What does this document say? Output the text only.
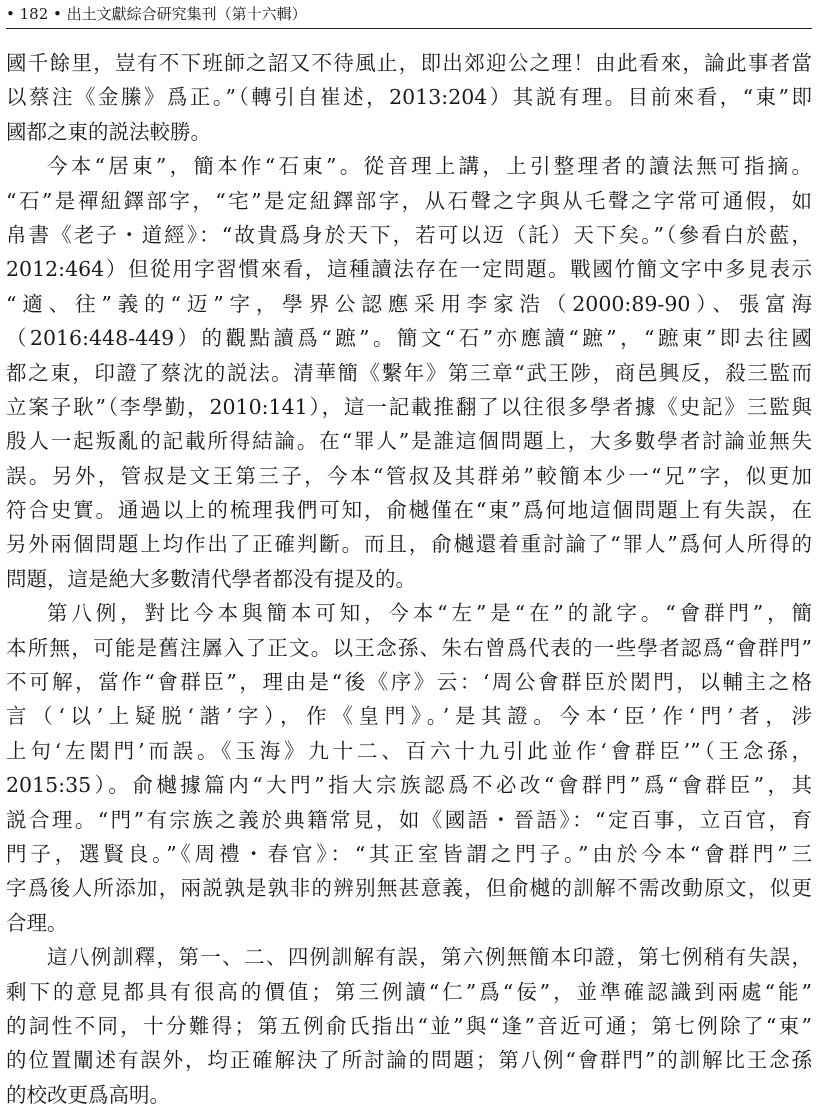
• 182 • 出土文獻綜合研究集刊（第十六輯）
國千餘里，豈有不下班師之詔又不待風止，即出郊迎公之理！由此看來，論此事者當
以蔡注《金縢》爲正。”（轉引自崔述，2013:204）其説有理。目前來看，“東”即
國都之東的説法較勝。
今本“居東”，簡本作“石東”。從音理上講，上引整理者的讀法無可指摘。
“石”是禪紐鐸部字，“宅”是定紐鐸部字，从石聲之字與从乇聲之字常可通假，如
帛書《老子・道經》：“故貴爲身於天下，若可以迈（託）天下矣。”（參看白於藍，
2012:464）但從用字習慣來看，這種讀法存在一定問題。戰國竹簡文字中多見表示
“適、往”義的“迈”字，學界公認應采用李家浩（2000:89-90）、張富海
（2016:448-449）的觀點讀爲“蹠”。簡文“石”亦應讀“蹠”，“蹠東”即去往國
都之東，印證了蔡沈的説法。清華簡《繫年》第三章“武王陟，商邑興反，殺三監而
立案子耿”（李學勤，2010:141），這一記載推翻了以往很多學者據《史記》三監與
殷人一起叛亂的記載所得結論。在“罪人”是誰這個問題上，大多數學者討論並無失
誤。另外，管叔是文王第三子，今本“管叔及其群弟”較簡本少一“兄”字，似更加
符合史實。通過以上的梳理我們可知，俞樾僅在“東”爲何地這個問題上有失誤，在
另外兩個問題上均作出了正確判斷。而且，俞樾還着重討論了“罪人”爲何人所得的
問題，這是絶大多數清代學者都没有提及的。
第八例，對比今本與簡本可知，今本“左”是“在”的訛字。“會群門”，簡
本所無，可能是舊注羼入了正文。以王念孫、朱右曾爲代表的一些學者認爲“會群門”
不可解，當作“會群臣”，理由是“後《序》云：‘周公會群臣於閎門，以輔主之格
言（‘以’上疑脱‘諧’字），作《皇門》。’是其證。今本‘臣’作‘門’者，涉
上句‘左閎門’而誤。《玉海》九十二、百六十九引此並作‘會群臣’”（王念孫，
2015:35）。俞樾據篇内“大門”指大宗族認爲不必改“會群門”爲“會群臣”，其
説合理。“門”有宗族之義於典籍常見，如《國語・晉語》：“定百事，立百官，育
門子，選賢良。”《周禮・春官》：“其正室皆謂之門子。”由於今本“會群門”三
字爲後人所添加，兩説孰是孰非的辨别無甚意義，但俞樾的訓解不需改動原文，似更
合理。
這八例訓釋，第一、二、四例訓解有誤，第六例無簡本印證，第七例稍有失誤，
剩下的意見都具有很高的價值；第三例讀“仁”爲“佞”，並準確認識到兩處“能”
的詞性不同，十分難得；第五例俞氏指出“並”與“逢”音近可通；第七例除了“東”
的位置闡述有誤外，均正確解決了所討論的問題；第八例“會群門”的訓解比王念孫
的校改更爲高明。
